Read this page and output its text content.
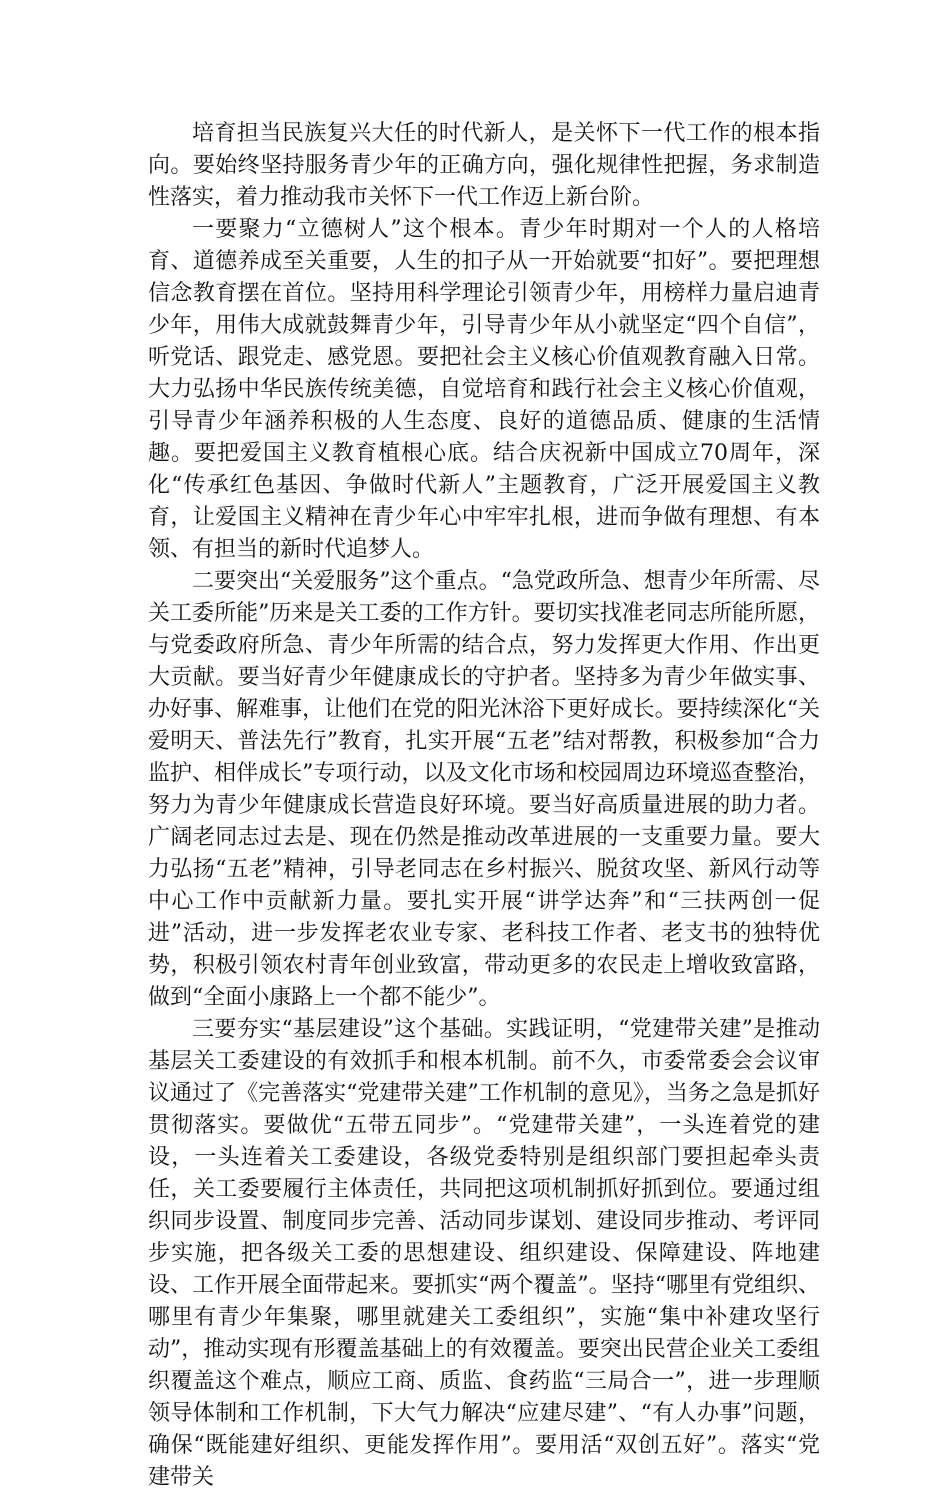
培育担当民族复兴大任的时代新人，是关怀下一代工作的根本指向。要始终坚持服务青少年的正确方向，强化规律性把握，务求制造性落实，着力推动我市关怀下一代工作迈上新台阶。

一要聚力“立德树人”这个根本。青少年时期对一个人的人格培育、道德养成至关重要，人生的扣子从一开始就要“扣好”。要把理想信念教育摆在首位。坚持用科学理论引领青少年，用榜样力量启迪青少年，用伟大成就鼓舞青少年，引导青少年从小就坚定“四个自信”，听党话、跟党走、感党恩。要把社会主义核心价值观教育融入日常。大力弘扬中华民族传统美德，自觉培育和践行社会主义核心价值观，引导青少年涵养积极的人生态度、良好的道德品质、健康的生活情趣。要把爱国主义教育植根心底。结合庆祝新中国成立70周年，深化“传承红色基因、争做时代新人”主题教育，广泛开展爱国主义教育，让爱国主义精神在青少年心中牢牢扎根，进而争做有理想、有本领、有担当的新时代追梦人。

二要突出“关爱服务”这个重点。“急党政所急、想青少年所需、尽关工委所能”历来是关工委的工作方针。要切实找准老同志所能所愿，与党委政府所急、青少年所需的结合点，努力发挥更大作用、作出更大贡献。要当好青少年健康成长的守护者。坚持多为青少年做实事、办好事、解难事，让他们在党的阳光沐浴下更好成长。要持续深化“关爱明天、普法先行”教育，扎实开展“五老”结对帮教，积极参加“合力监护、相伴成长”专项行动，以及文化市场和校园周边环境巡查整治，努力为青少年健康成长营造良好环境。要当好高质量进展的助力者。广阔老同志过去是、现在仍然是推动改革进展的一支重要力量。要大力弘扬“五老”精神，引导老同志在乡村振兴、脱贫攻坚、新风行动等中心工作中贡献新力量。要扎实开展“讲学达奔”和“三扶两创一促进”活动，进一步发挥老农业专家、老科技工作者、老支书的独特优势，积极引领农村青年创业致富，带动更多的农民走上增收致富路，做到“全面小康路上一个都不能少”。

三要夯实“基层建设”这个基础。实践证明，“党建带关建”是推动基层关工委建设的有效抓手和根本机制。前不久，市委常委会会议审议通过了《完善落实“党建带关建”工作机制的意见》，当务之急是抓好贯彻落实。要做优“五带五同步”。“党建带关建”，一头连着党的建设，一头连着关工委建设，各级党委特别是组织部门要担起牵头责任，关工委要履行主体责任，共同把这项机制抓好抓到位。要通过组织同步设置、制度同步完善、活动同步谋划、建设同步推动、考评同步实施，把各级关工委的思想建设、组织建设、保障建设、阵地建设、工作开展全面带起来。要抓实“两个覆盖”。坚持“哪里有党组织、哪里有青少年集聚，哪里就建关工委组织”，实施“集中补建攻坚行动”，推动实现有形覆盖基础上的有效覆盖。要突出民营企业关工委组织覆盖这个难点，顺应工商、质监、食药监“三局合一”，进一步理顺领导体制和工作机制，下大气力解决“应建尽建”、“有人办事”问题，确保“既能建好组织、更能发挥作用”。要用活“双创五好”。落实“党建带关
